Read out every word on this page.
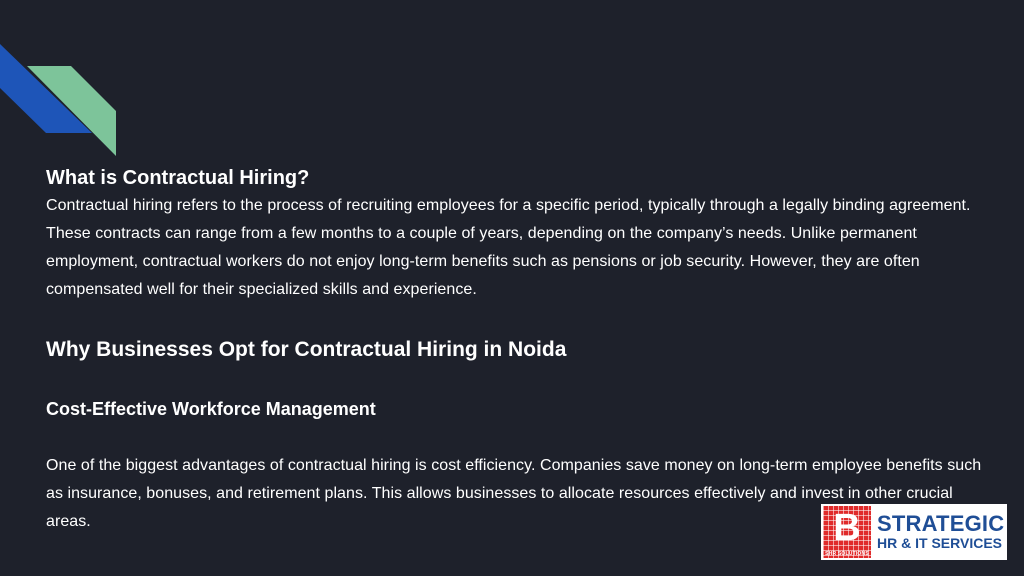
What is Contractual Hiring?

Contractual hiring refers to the process of recruiting employees for a specific period, typically through a legally binding agreement. These contracts can range from a few months to a couple of years, depending on the company’s needs. Unlike permanent employment, contractual workers do not enjoy long-term benefits such as pensions or job security. However, they are often compensated well for their specialized skills and experience.

Why Businesses Opt for Contractual Hiring in Noida
Cost-Effective Workforce Management

One of the biggest advantages of contractual hiring is cost efficiency. Companies save money on long-term employee benefits such as insurance, bonuses, and retirement plans. This allows businesses to allocate resources effectively and invest in other crucial areas.	B
SHR SOLUTIONS
STRATEGIC
HR & IT SERVICES
